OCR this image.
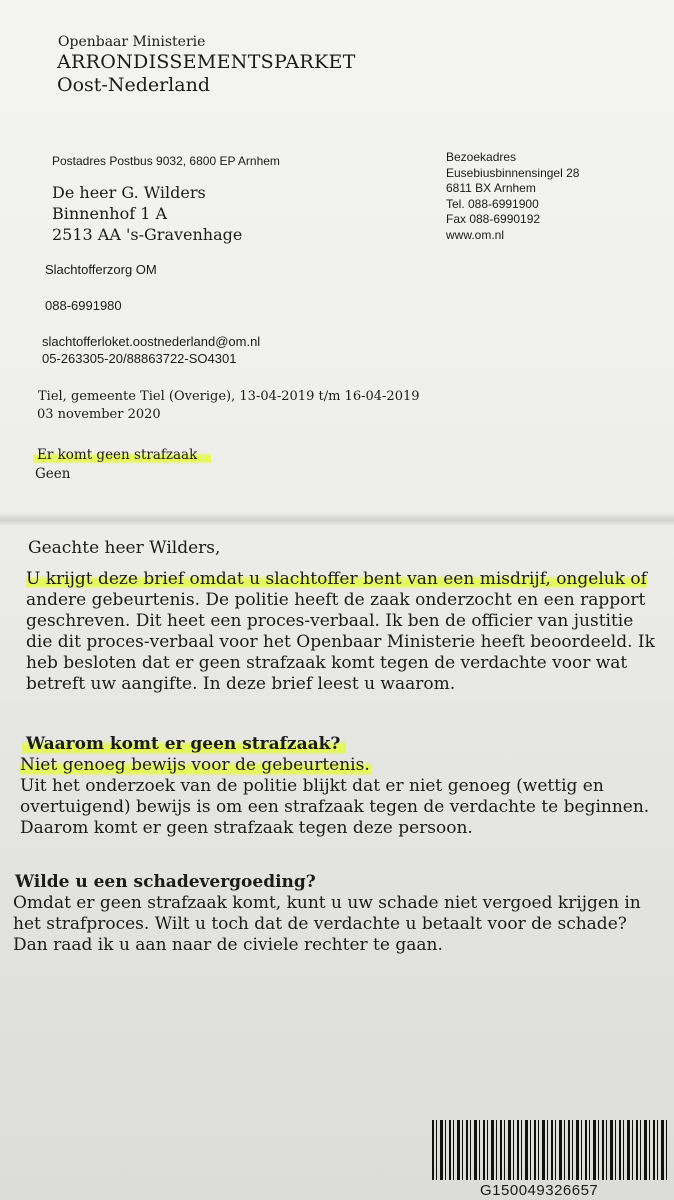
Openbaar Ministerie
ARRONDISSEMENTSPARKET
Oost-Nederland
Postadres Postbus 9032, 6800 EP Arnhem	Bezoekadres
Eusebiusbinnensingel 28
6811 BX Arnhem
Tel. 088-6991900
Fax 088-6990192
www.om.nl
De heer G. Wilders
Binnenhof 1 A
2513 AA 's-Gravenhage
Slachtofferzorg OM
088-6991980
slachtofferloket.oostnederland@om.nl
05-263305-20/88863722-SO4301
Tiel, gemeente Tiel (Overige), 13-04-2019 t/m 16-04-2019
03 november 2020
Er komt geen strafzaak
Geen
Geachte heer Wilders,
U krijgt deze brief omdat u slachtoffer bent van een misdrijf, ongeluk of
andere gebeurtenis. De politie heeft de zaak onderzocht en een rapport
geschreven. Dit heet een proces-verbaal. Ik ben de officier van justitie
die dit proces-verbaal voor het Openbaar Ministerie heeft beoordeeld. Ik
heb besloten dat er geen strafzaak komt tegen de verdachte voor wat
betreft uw aangifte. In deze brief leest u waarom.
Waarom komt er geen strafzaak?
Niet genoeg bewijs voor de gebeurtenis.
Uit het onderzoek van de politie blijkt dat er niet genoeg (wettig en
overtuigend) bewijs is om een strafzaak tegen de verdachte te beginnen.
Daarom komt er geen strafzaak tegen deze persoon.
Wilde u een schadevergoeding?
Omdat er geen strafzaak komt, kunt u uw schade niet vergoed krijgen in
het strafproces. Wilt u toch dat de verdachte u betaalt voor de schade?
Dan raad ik u aan naar de civiele rechter te gaan.
G150049326657
